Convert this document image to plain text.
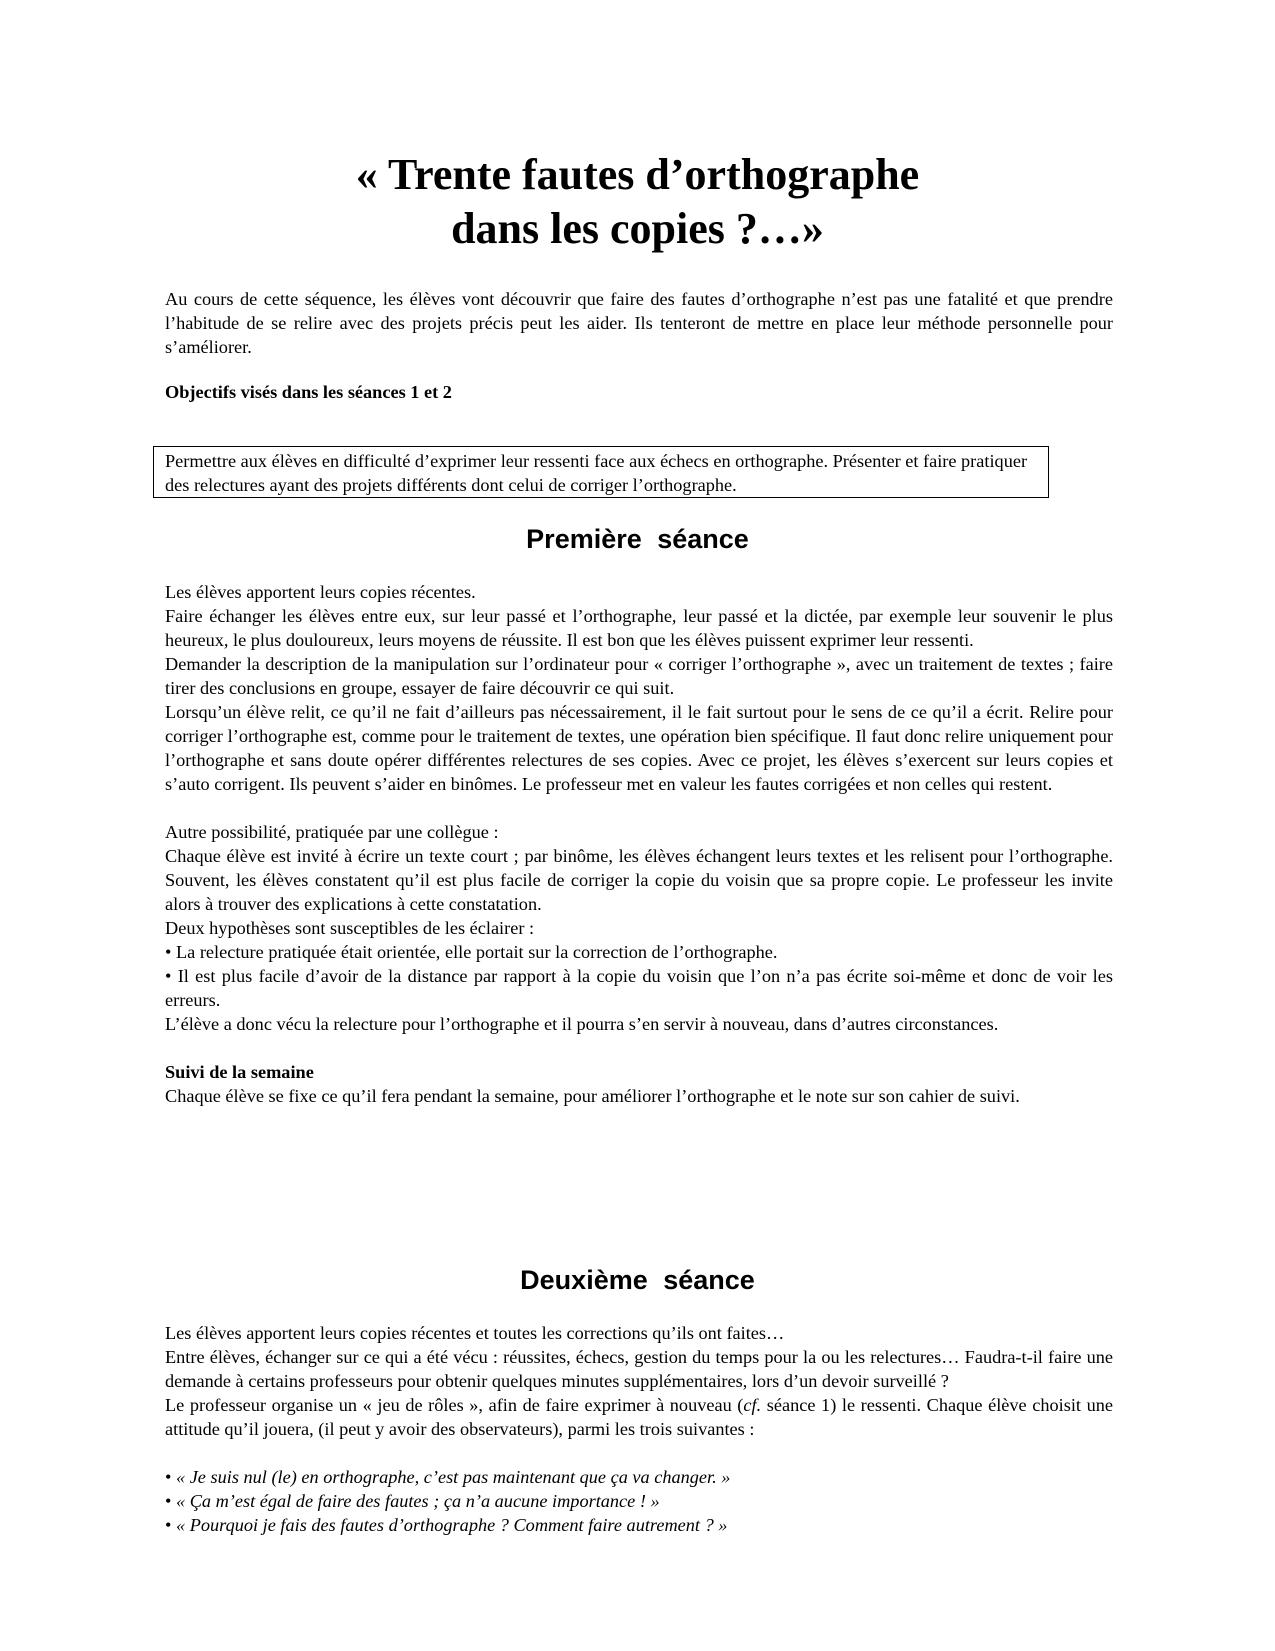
« Trente fautes d’orthographe
dans les copies ?…»

Au cours de cette séquence, les élèves vont découvrir que faire des fautes d’orthographe n’est pas une fatalité et que prendre l’habitude de se relire avec des projets précis peut les aider. Ils tenteront de mettre en place leur méthode personnelle pour s’améliorer.

Objectifs visés dans les séances 1 et 2

Permettre aux élèves en difficulté d’exprimer leur ressenti face aux échecs en orthographe. Présenter et faire pratiquer des relectures ayant des projets différents dont celui de corriger l’orthographe.

Première séance

Les élèves apportent leurs copies récentes.

Faire échanger les élèves entre eux, sur leur passé et l’orthographe, leur passé et la dictée, par exemple leur souvenir le plus heureux, le plus douloureux, leurs moyens de réussite. Il est bon que les élèves puissent exprimer leur ressenti.

Demander la description de la manipulation sur l’ordinateur pour « corriger l’orthographe », avec un traitement de textes ; faire tirer des conclusions en groupe, essayer de faire découvrir ce qui suit.

Lorsqu’un élève relit, ce qu’il ne fait d’ailleurs pas nécessairement, il le fait surtout pour le sens de ce qu’il a écrit. Relire pour corriger l’orthographe est, comme pour le traitement de textes, une opération bien spécifique. Il faut donc relire uniquement pour l’orthographe et sans doute opérer différentes relectures de ses copies. Avec ce projet, les élèves s’exercent sur leurs copies et s’auto corrigent. Ils peuvent s’aider en binômes. Le professeur met en valeur les fautes corrigées et non celles qui restent.

Autre possibilité, pratiquée par une collègue :

Chaque élève est invité à écrire un texte court ; par binôme, les élèves échangent leurs textes et les relisent pour l’orthographe. Souvent, les élèves constatent qu’il est plus facile de corriger la copie du voisin que sa propre copie. Le professeur les invite alors à trouver des explications à cette constatation.

Deux hypothèses sont susceptibles de les éclairer :

• La relecture pratiquée était orientée, elle portait sur la correction de l’orthographe.

• Il est plus facile d’avoir de la distance par rapport à la copie du voisin que l’on n’a pas écrite soi-même et donc de voir les erreurs.

L’élève a donc vécu la relecture pour l’orthographe et il pourra s’en servir à nouveau, dans d’autres circonstances.

Suivi de la semaine

Chaque élève se fixe ce qu’il fera pendant la semaine, pour améliorer l’orthographe et le note sur son cahier de suivi.

Deuxième séance

Les élèves apportent leurs copies récentes et toutes les corrections qu’ils ont faites…

Entre élèves, échanger sur ce qui a été vécu : réussites, échecs, gestion du temps pour la ou les relectures… Faudra-t-il faire une demande à certains professeurs pour obtenir quelques minutes supplémentaires, lors d’un devoir surveillé ?

Le professeur organise un « jeu de rôles », afin de faire exprimer à nouveau (cf. séance 1) le ressenti. Chaque élève choisit une attitude qu’il jouera, (il peut y avoir des observateurs), parmi les trois suivantes :

• « Je suis nul (le) en orthographe, c’est pas maintenant que ça va changer. »

• « Ça m’est égal de faire des fautes ; ça n’a aucune importance ! »

• « Pourquoi je fais des fautes d’orthographe ? Comment faire autrement ? »
